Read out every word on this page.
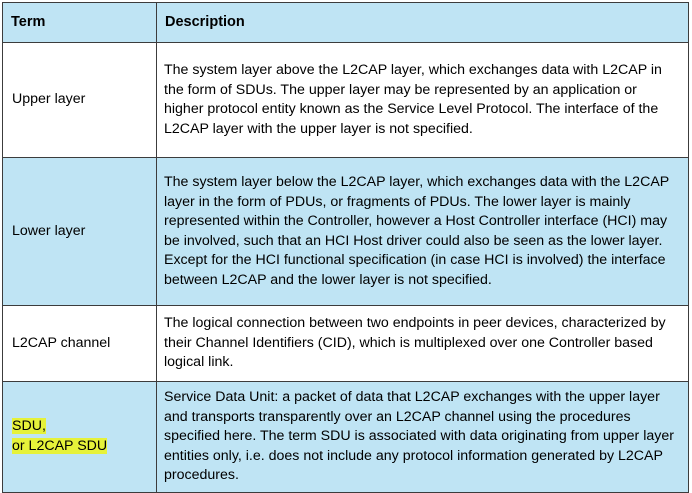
Term	Description
Upper layer	The system layer above the L2CAP layer, which exchanges data with L2CAP in the form of SDUs. The upper layer may be represented by an application or higher protocol entity known as the Service Level Protocol. The interface of the L2CAP layer with the upper layer is not specified.
Lower layer	The system layer below the L2CAP layer, which exchanges data with the L2CAP layer in the form of PDUs, or fragments of PDUs. The lower layer is mainly represented within the Controller, however a Host Controller interface (HCI) may be involved, such that an HCI Host driver could also be seen as the lower layer. Except for the HCI functional specification (in case HCI is involved) the interface between L2CAP and the lower layer is not specified.
L2CAP channel	The logical connection between two endpoints in peer devices, characterized by their Channel Identifiers (CID), which is multiplexed over one Controller based logical link.
SDU,
or L2CAP SDU	Service Data Unit: a packet of data that L2CAP exchanges with the upper layer and transports transparently over an L2CAP channel using the procedures specified here. The term SDU is associated with data originating from upper layer entities only, i.e. does not include any protocol information generated by L2CAP procedures.
